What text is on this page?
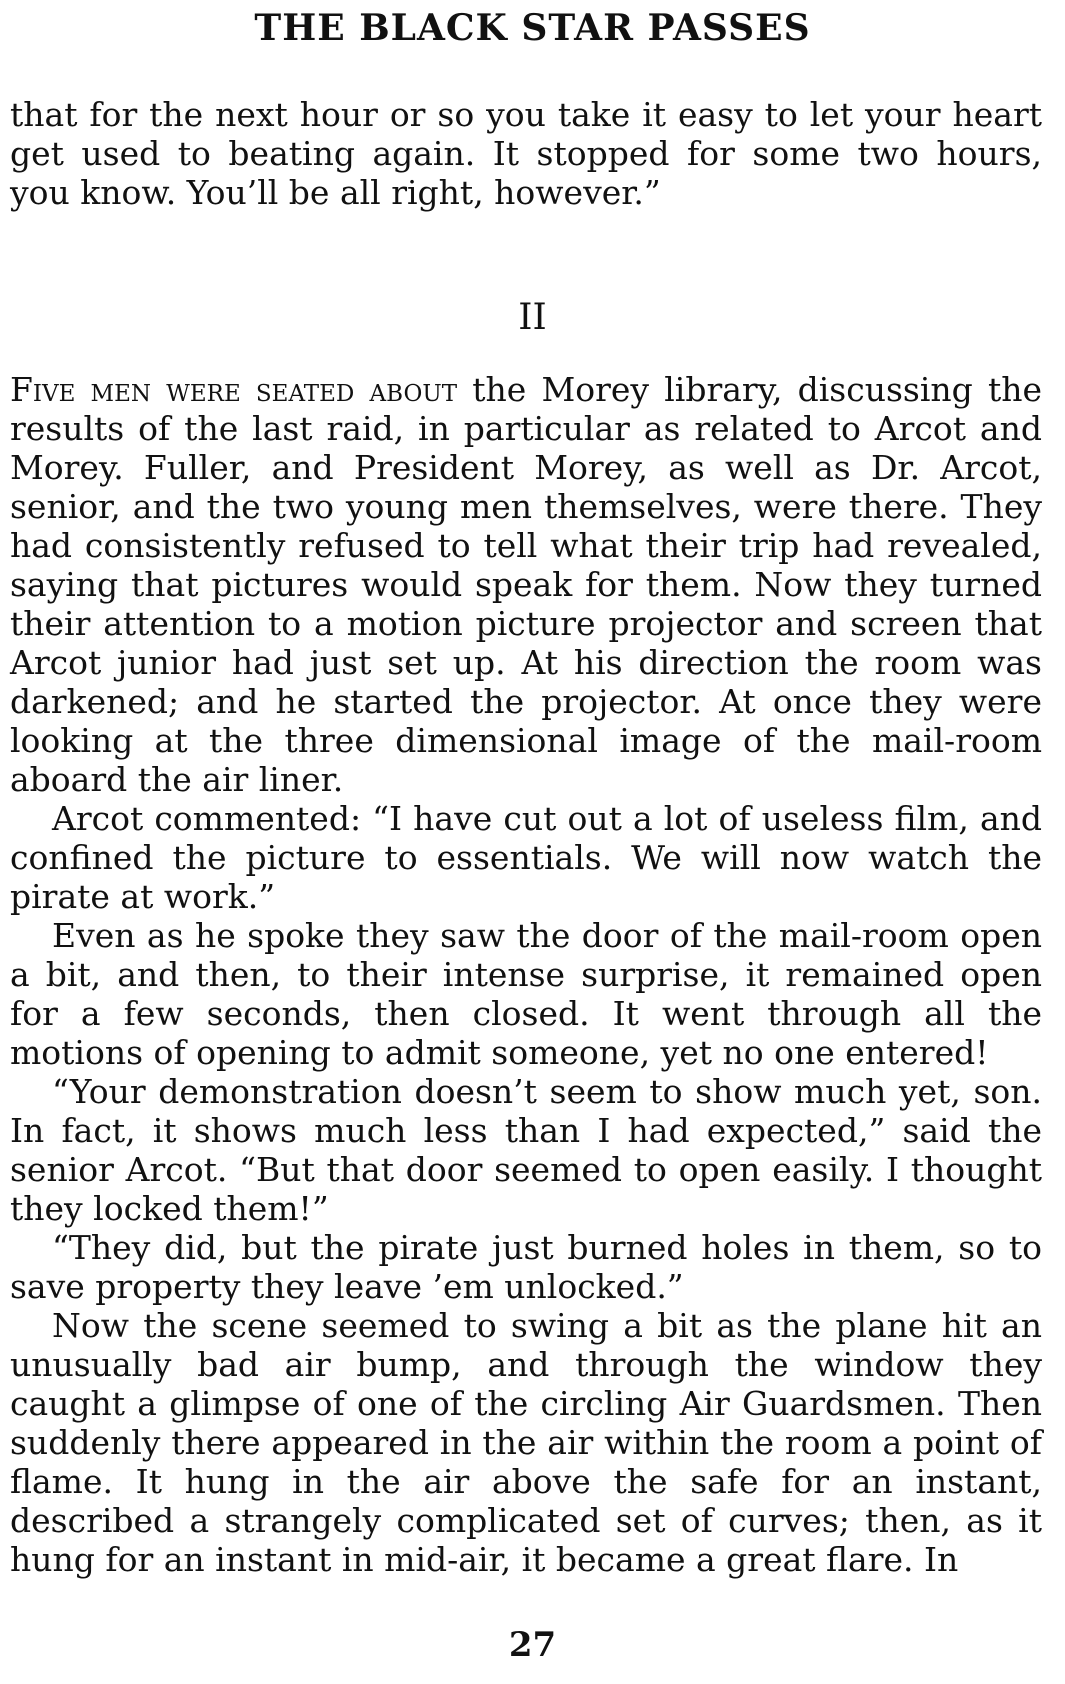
THE BLACK STAR PASSES

that for the next hour or so you take it easy to let your heart get used to beating again. It stopped for some two hours, you know. You’ll be all right, however.”

II

Five men were seated about the Morey library, discussing the results of the last raid, in particular as related to Arcot and Morey. Fuller, and President Morey, as well as Dr. Arcot, senior, and the two young men themselves, were there. They had consistently refused to tell what their trip had revealed, saying that pictures would speak for them. Now they turned their attention to a motion picture projector and screen that Arcot junior had just set up. At his direction the room was darkened; and he started the projector. At once they were looking at the three dimensional image of the mail-room aboard the air liner.

Arcot commented: “I have cut out a lot of useless film, and confined the picture to essentials. We will now watch the pirate at work.”

Even as he spoke they saw the door of the mail-room open a bit, and then, to their intense surprise, it remained open for a few seconds, then closed. It went through all the motions of opening to admit someone, yet no one entered!

“Your demonstration doesn’t seem to show much yet, son. In fact, it shows much less than I had expected,” said the senior Arcot. “But that door seemed to open easily. I thought they locked them!”

“They did, but the pirate just burned holes in them, so to save property they leave ’em unlocked.”

Now the scene seemed to swing a bit as the plane hit an unusually bad air bump, and through the window they caught a glimpse of one of the circling Air Guardsmen. Then suddenly there appeared in the air within the room a point of flame. It hung in the air above the safe for an instant, described a strangely complicated set of curves; then, as it hung for an instant in mid-air, it became a great flare. In

27
